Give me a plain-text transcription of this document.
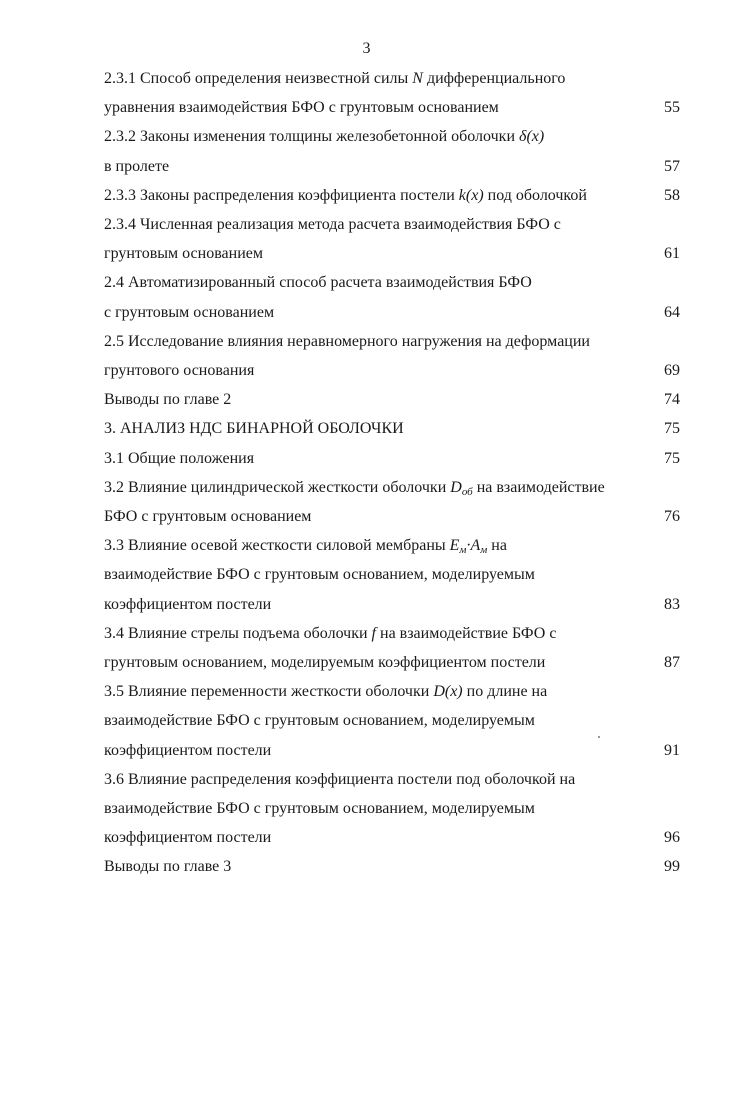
3
2.3.1 Способ определения неизвестной силы N дифференциального
уравнения взаимодействия БФО с грунтовым основанием	55
2.3.2 Законы изменения толщины железобетонной оболочки δ(x)
в пролете	57
2.3.3 Законы распределения коэффициента постели k(x) под оболочкой	58
2.3.4 Численная реализация метода расчета взаимодействия БФО с
грунтовым основанием	61
2.4 Автоматизированный способ расчета взаимодействия БФО
с грунтовым основанием	64
2.5 Исследование влияния неравномерного нагружения на деформации
грунтового основания	69
Выводы по главе 2	74
3. АНАЛИЗ НДС БИНАРНОЙ ОБОЛОЧКИ	75
3.1 Общие положения	75
3.2 Влияние цилиндрической жесткости оболочки $D_{об}$ на взаимодействие
БФО с грунтовым основанием	76
3.3 Влияние осевой жесткости силовой мембраны $E_м\cdot A_м$ на
взаимодействие БФО с грунтовым основанием, моделируемым
коэффициентом постели	83
3.4 Влияние стрелы подъема оболочки f на взаимодействие БФО с
грунтовым основанием, моделируемым коэффициентом постели	87
3.5 Влияние переменности жесткости оболочки D(x) по длине на
взаимодействие БФО с грунтовым основанием, моделируемым
коэффициентом постели	91
3.6 Влияние распределения коэффициента постели под оболочкой на
взаимодействие БФО с грунтовым основанием, моделируемым
коэффициентом постели	96
Выводы по главе 3	99
